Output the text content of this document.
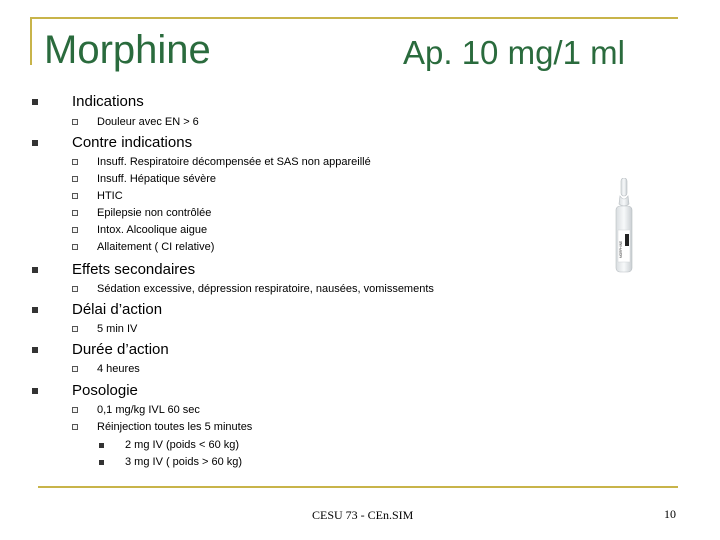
Morphine	Ap. 10 mg/1 ml
Indications
Douleur avec EN > 6
Contre indications
Insuff. Respiratoire décompensée et SAS non appareillé
Insuff. Hépatique sévère
HTIC
Epilepsie non contrôlée
Intox. Alcoolique aigue
Allaitement ( CI relative)
Effets secondaires
Sédation excessive, dépression respiratoire, nausées, vomissements
Délai d’action
5 min IV
Durée d’action
4 heures
Posologie
0,1 mg/kg IVL 60 sec
Réinjection toutes les 5 minutes
2 mg IV (poids < 60 kg)
3 mg IV ( poids > 60 kg)
MORPHINE
CESU 73 - CEn.SIM	10
